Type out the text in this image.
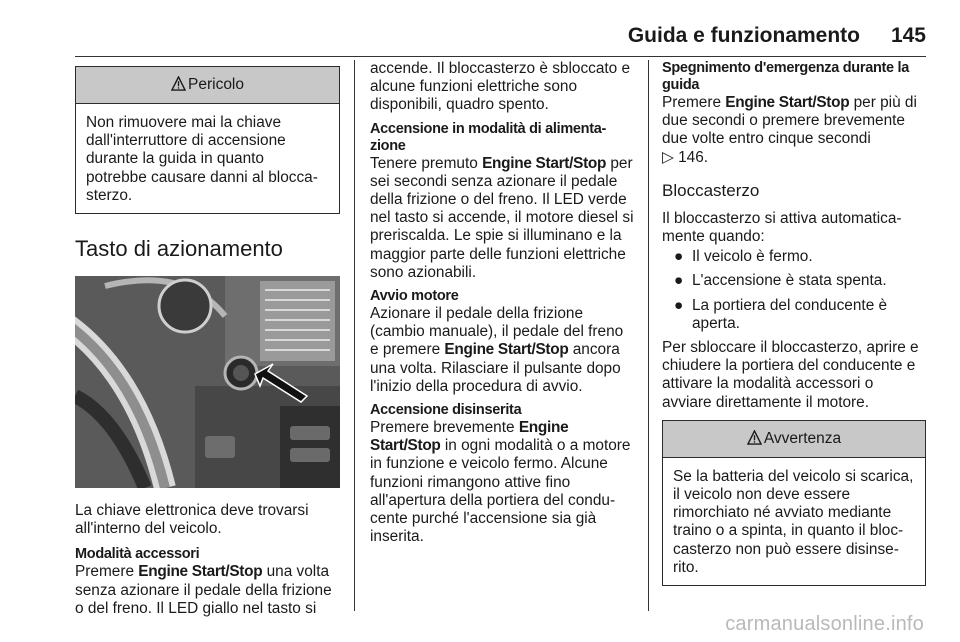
Guida e funzionamento 145
Pericolo

Non rimuovere mai la chiave dall'interruttore di accensione durante la guida in quanto potrebbe causare danni al blocca-sterzo.

Tasto di azionamento

La chiave elettronica deve trovarsi all'interno del veicolo.

Modalità accessori

Premere Engine Start/Stop una volta senza azionare il pedale della frizione o del freno. Il LED giallo nel tasto si

accende. Il bloccasterzo è sbloccato e alcune funzioni elettriche sono disponibili, quadro spento.

Accensione in modalità di alimenta-zione

Tenere premuto Engine Start/Stop per sei secondi senza azionare il pedale della frizione o del freno. Il LED verde nel tasto si accende, il motore diesel si preriscalda. Le spie si illuminano e la maggior parte delle funzioni elettriche sono azionabili.

Avvio motore

Azionare il pedale della frizione (cambio manuale), il pedale del freno e premere Engine Start/Stop ancora una volta. Rilasciare il pulsante dopo l'inizio della procedura di avvio.

Accensione disinserita

Premere brevemente Engine Start/Stop in ogni modalità o a motore in funzione e veicolo fermo. Alcune funzioni rimangono attive fino all'apertura della portiera del condu-cente purché l'accensione sia già inserita.

Spegnimento d'emergenza durante la guida

Premere Engine Start/Stop per più di due secondi o premere brevemente due volte entro cinque secondi
▷ 146.

Bloccasterzo

Il bloccasterzo si attiva automatica-mente quando:

● Il veicolo è fermo.
● L'accensione è stata spenta.
● La portiera del conducente è aperta.

Per sbloccare il bloccasterzo, aprire e chiudere la portiera del conducente e attivare la modalità accessori o avviare direttamente il motore.

Avvertenza

Se la batteria del veicolo si scarica, il veicolo non deve essere rimorchiato né avviato mediante traino o a spinta, in quanto il bloc-casterzo non può essere disinse-rito.

carmanualsonline.info
